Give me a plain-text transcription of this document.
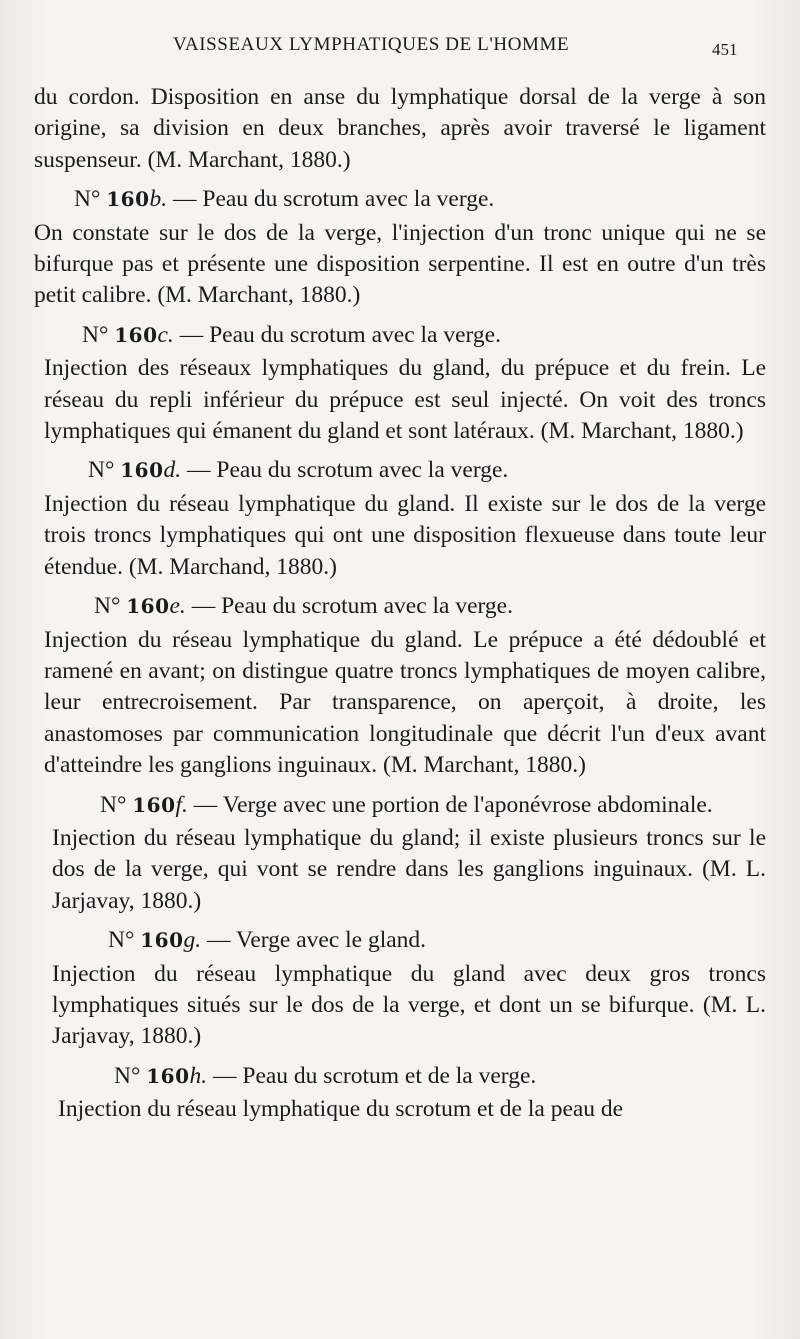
VAISSEAUX LYMPHATIQUES DE L'HOMME	451

du cordon. Disposition en anse du lymphatique dorsal de la verge à son origine, sa division en deux branches, après avoir traversé le ligament suspenseur. (M. Marchant, 1880.)

N° 160b. — Peau du scrotum avec la verge.

On constate sur le dos de la verge, l'injection d'un tronc unique qui ne se bifurque pas et présente une disposition serpentine. Il est en outre d'un très petit calibre. (M. Marchant, 1880.)

N° 160c. — Peau du scrotum avec la verge.

Injection des réseaux lymphatiques du gland, du prépuce et du frein. Le réseau du repli inférieur du prépuce est seul injecté. On voit des troncs lymphatiques qui émanent du gland et sont latéraux. (M. Marchant, 1880.)

N° 160d. — Peau du scrotum avec la verge.

Injection du réseau lymphatique du gland. Il existe sur le dos de la verge trois troncs lymphatiques qui ont une disposition flexueuse dans toute leur étendue. (M. Marchand, 1880.)

N° 160e. — Peau du scrotum avec la verge.

Injection du réseau lymphatique du gland. Le prépuce a été dédoublé et ramené en avant; on distingue quatre troncs lymphatiques de moyen calibre, leur entrecroisement. Par transparence, on aperçoit, à droite, les anastomoses par communication longitudinale que décrit l'un d'eux avant d'atteindre les ganglions inguinaux. (M. Marchant, 1880.)

N° 160f. — Verge avec une portion de l'aponévrose abdominale.

Injection du réseau lymphatique du gland; il existe plusieurs troncs sur le dos de la verge, qui vont se rendre dans les ganglions inguinaux. (M. L. Jarjavay, 1880.)

N° 160g. — Verge avec le gland.

Injection du réseau lymphatique du gland avec deux gros troncs lymphatiques situés sur le dos de la verge, et dont un se bifurque. (M. L. Jarjavay, 1880.)

N° 160h. — Peau du scrotum et de la verge.

Injection du réseau lymphatique du scrotum et de la peau de
